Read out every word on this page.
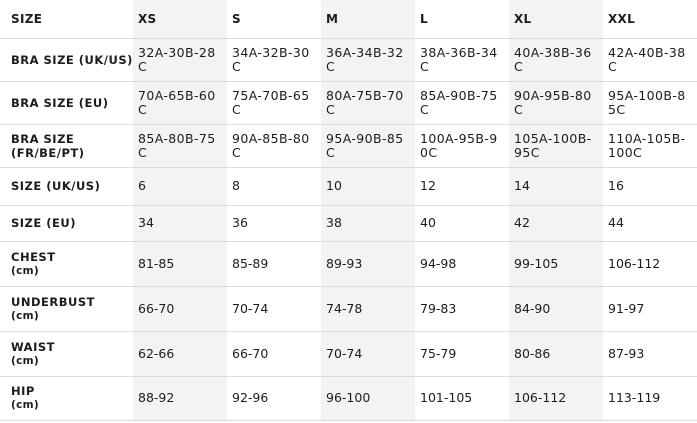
SIZE	XS	S	M	L	XL	XXL
BRA SIZE (UK/US)	32A-30B-28C	34A-32B-30C	36A-34B-32C	38A-36B-34C	40A-38B-36C	42A-40B-38C
BRA SIZE (EU)	70A-65B-60C	75A-70B-65C	80A-75B-70C	85A-90B-75C	90A-95B-80C	95A-100B-85C
BRA SIZE
(FR/BE/PT)	85A-80B-75C	90A-85B-80C	95A-90B-85C	100A-95B-90C	105A-100B-95C	110A-105B-100C
SIZE (UK/US)	6	8	10	12	14	16
SIZE (EU)	34	36	38	40	42	44
CHEST
(cm)	81-85	85-89	89-93	94-98	99-105	106-112
UNDERBUST
(cm)	66-70	70-74	74-78	79-83	84-90	91-97
WAIST
(cm)	62-66	66-70	70-74	75-79	80-86	87-93
HIP
(cm)	88-92	92-96	96-100	101-105	106-112	113-119
